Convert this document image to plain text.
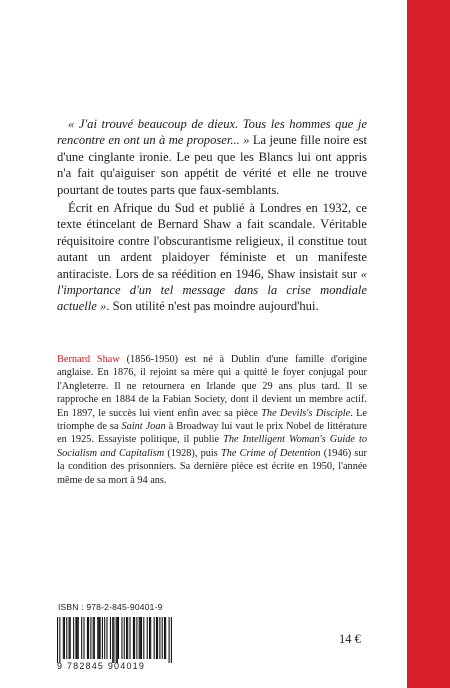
« J'ai trouvé beaucoup de dieux. Tous les hommes que je rencontre en ont un à me proposer... » La jeune fille noire est d'une cinglante ironie. Le peu que les Blancs lui ont appris n'a fait qu'aiguiser son appétit de vérité et elle ne trouve pourtant de toutes parts que faux-semblants.

Écrit en Afrique du Sud et publié à Londres en 1932, ce texte étincelant de Bernard Shaw a fait scandale. Véritable réquisitoire contre l'obscurantisme religieux, il constitue tout autant un ardent plaidoyer féministe et un manifeste antiraciste. Lors de sa réédition en 1946, Shaw insistait sur « l'importance d'un tel message dans la crise mondiale actuelle ». Son utilité n'est pas moindre aujourd'hui.

Bernard Shaw (1856-1950) est né à Dublin d'une famille d'origine anglaise. En 1876, il rejoint sa mère qui a quitté le foyer conjugal pour l'Angleterre. Il ne retournera en Irlande que 29 ans plus tard. Il se rapproche en 1884 de la Fabian Society, dont il devient un membre actif. En 1897, le succès lui vient enfin avec sa pièce The Devils's Disciple. Le triomphe de sa Saint Joan à Broadway lui vaut le prix Nobel de littérature en 1925. Essayiste politique, il publie The Intelligent Woman's Guide to Socialism and Capitalism (1928), puis The Crime of Detention (1946) sur la condition des prisonniers. Sa dernière pièce est écrite en 1950, l'année même de sa mort à 94 ans.

ISBN : 978-2-845-90401-9
9 782845 904019
14 €
